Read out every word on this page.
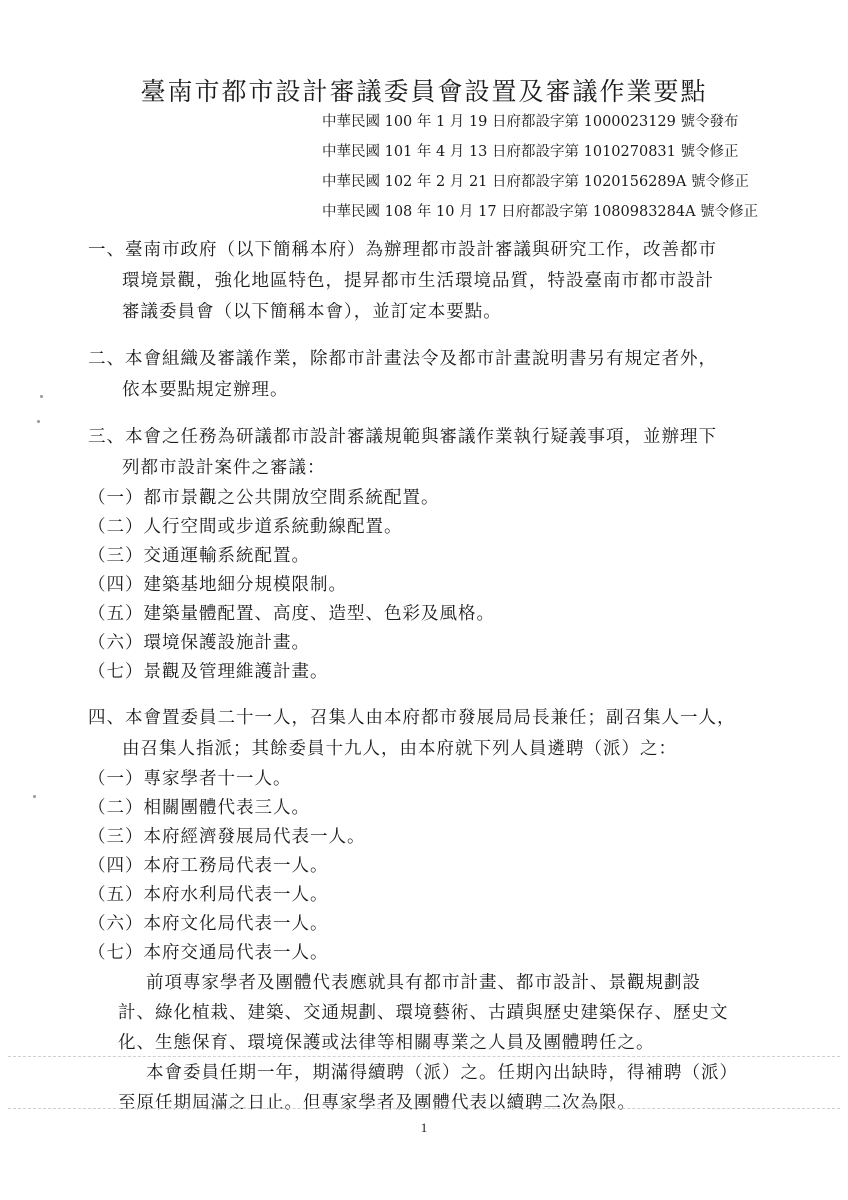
臺南市都市設計審議委員會設置及審議作業要點
中華民國 100 年 1 月 19 日府都設字第 1000023129 號令發布
中華民國 101 年 4 月 13 日府都設字第 1010270831 號令修正
中華民國 102 年 2 月 21 日府都設字第 1020156289A 號令修正
中華民國 108 年 10 月 17 日府都設字第 1080983284A 號令修正

一、臺南市政府（以下簡稱本府）為辦理都市設計審議與研究工作，改善都市

環境景觀，強化地區特色，提昇都市生活環境品質，特設臺南市都市設計

審議委員會（以下簡稱本會），並訂定本要點。

二、本會組織及審議作業，除都市計畫法令及都市計畫說明書另有規定者外，

依本要點規定辦理。

三、本會之任務為研議都市設計審議規範與審議作業執行疑義事項，並辦理下

列都市設計案件之審議：

（一）都市景觀之公共開放空間系統配置。
（二）人行空間或步道系統動線配置。
（三）交通運輸系統配置。
（四）建築基地細分規模限制。
（五）建築量體配置、高度、造型、色彩及風格。
（六）環境保護設施計畫。
（七）景觀及管理維護計畫。

四、本會置委員二十一人，召集人由本府都市發展局局長兼任；副召集人一人，

由召集人指派；其餘委員十九人，由本府就下列人員遴聘（派）之：

（一）專家學者十一人。
（二）相關團體代表三人。
（三）本府經濟發展局代表一人。
（四）本府工務局代表一人。
（五）本府水利局代表一人。
（六）本府文化局代表一人。
（七）本府交通局代表一人。
前項專家學者及團體代表應就具有都市計畫、都市設計、景觀規劃設
計、綠化植栽、建築、交通規劃、環境藝術、古蹟與歷史建築保存、歷史文
化、生態保育、環境保護或法律等相關專業之人員及團體聘任之。
本會委員任期一年，期滿得續聘（派）之。任期內出缺時，得補聘（派）
至原任期屆滿之日止。但專家學者及團體代表以續聘二次為限。
1
